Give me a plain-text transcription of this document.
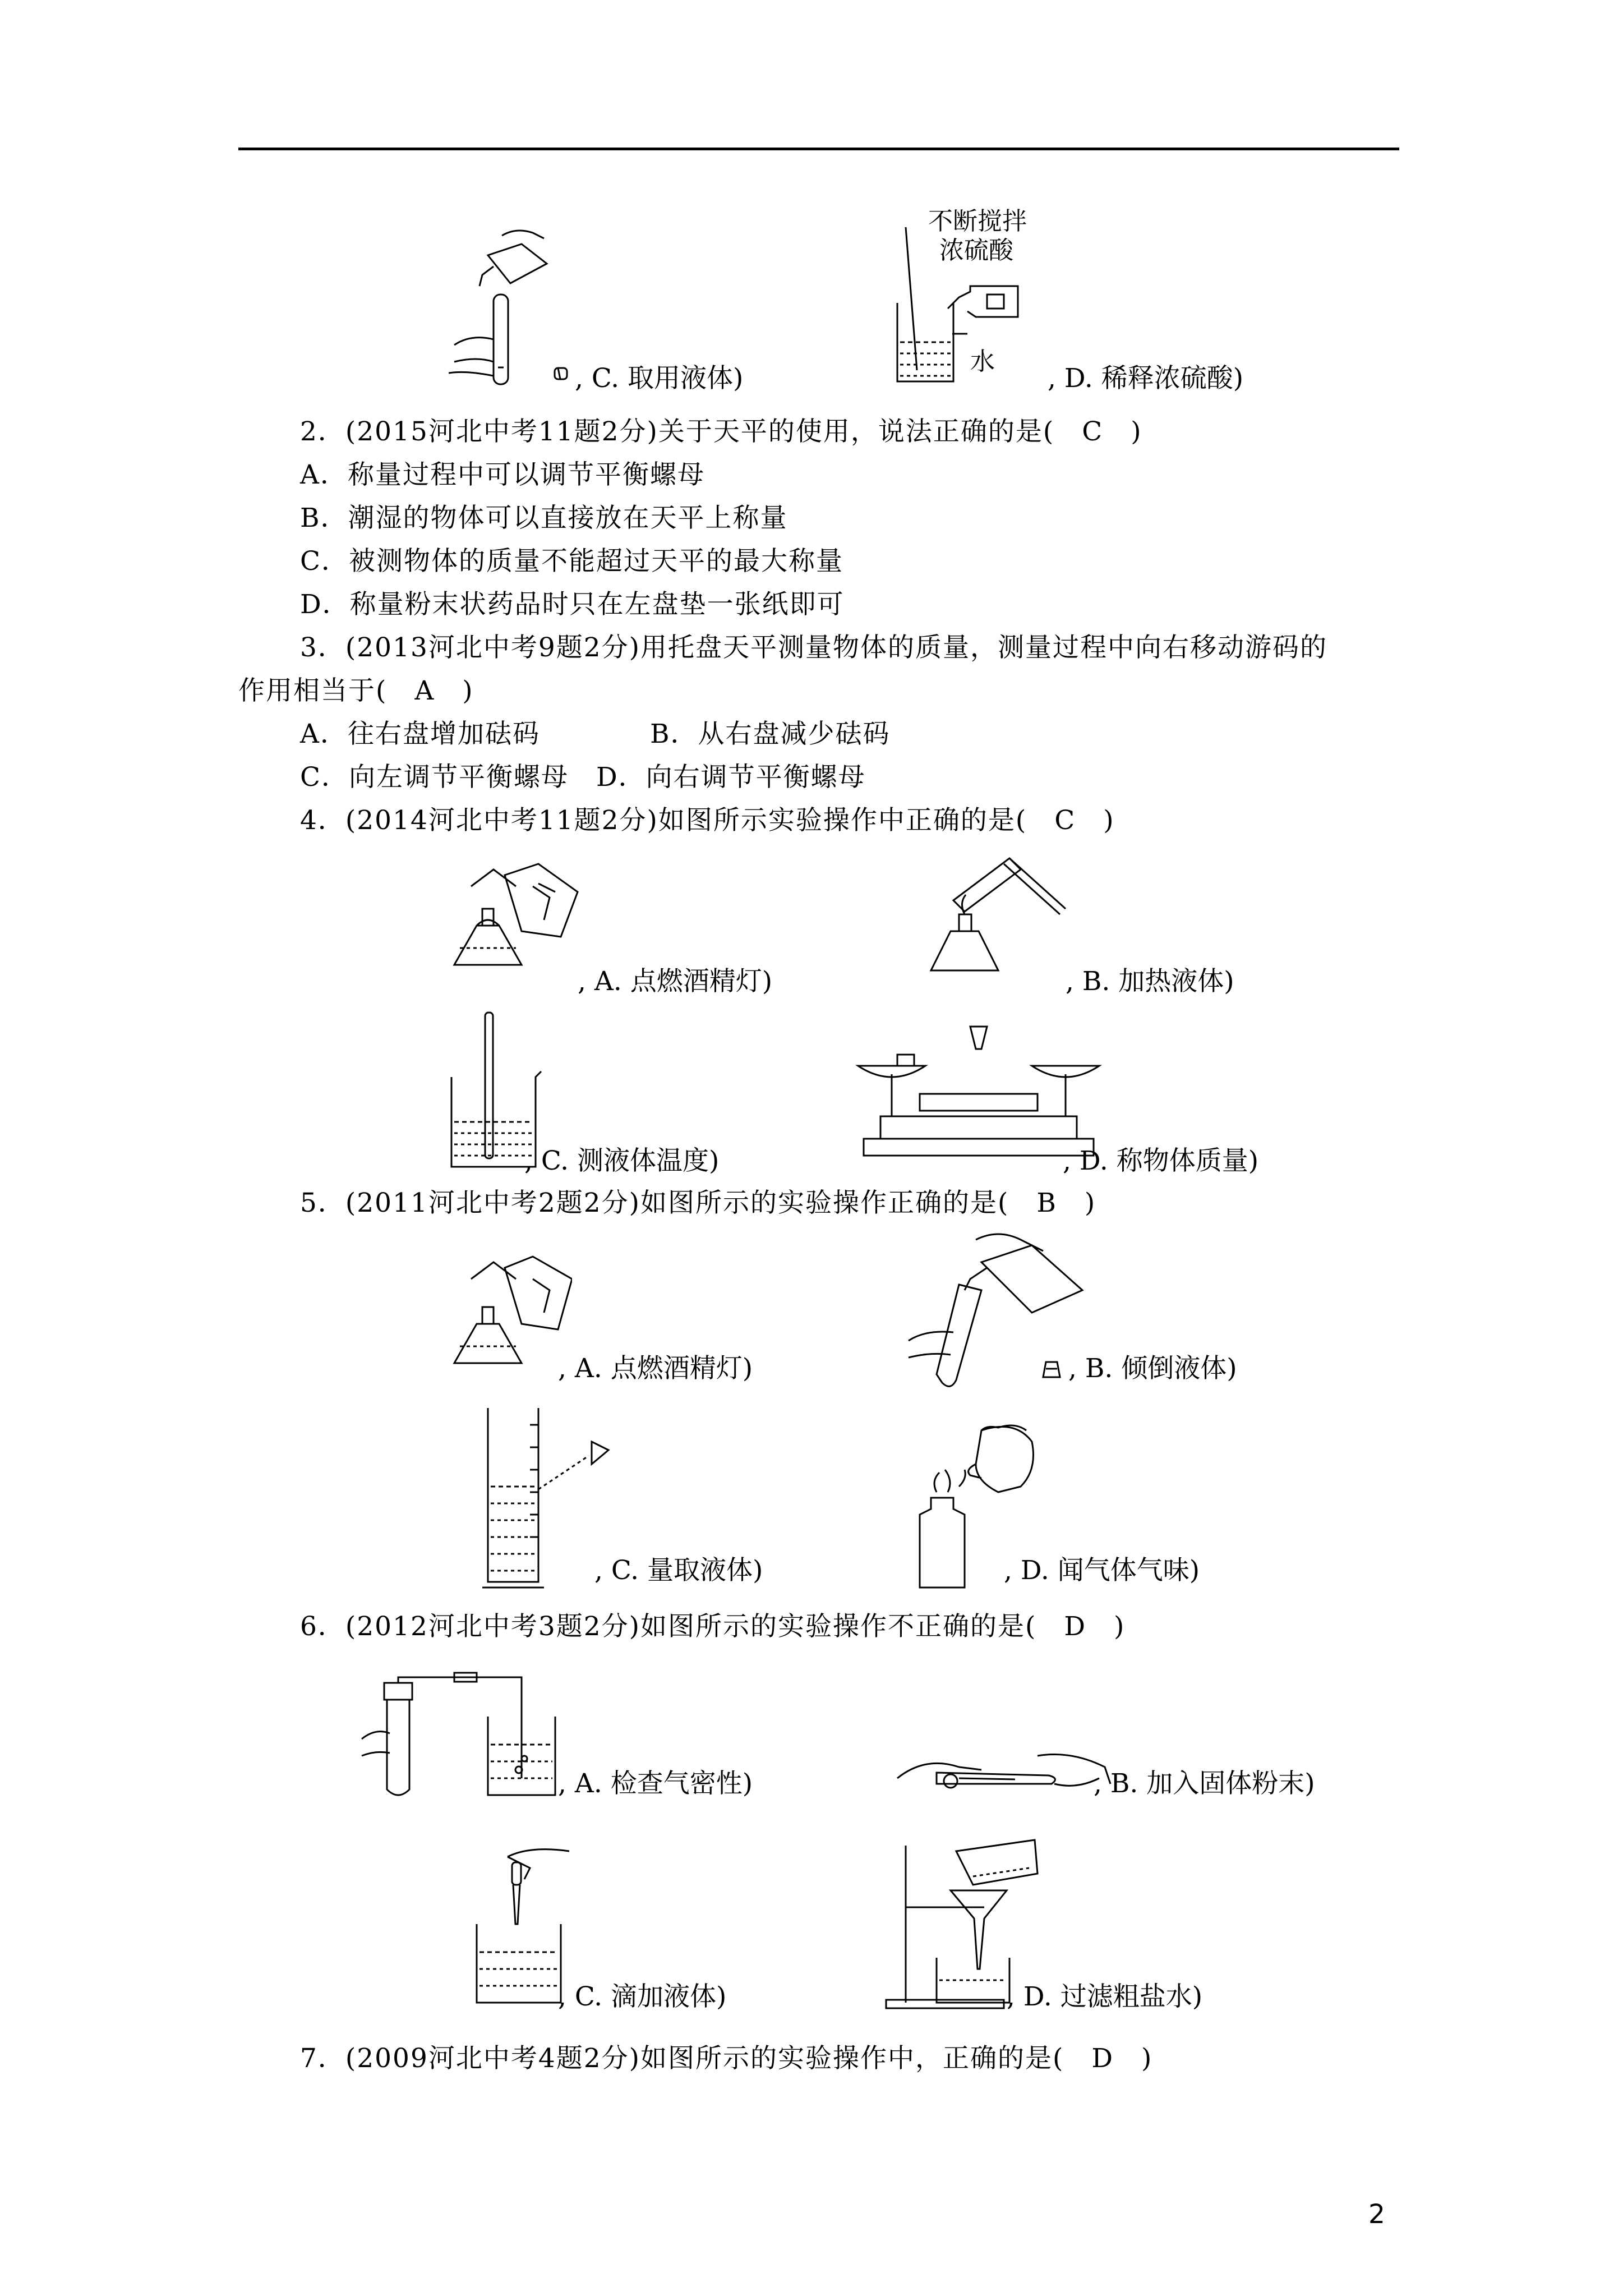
, C. 取用液体)
不断搅拌
浓硫酸
水
, D. 稀释浓硫酸)
2．(2015河北中考11题2分)关于天平的使用，说法正确的是(　C　)
A．称量过程中可以调节平衡螺母
B．潮湿的物体可以直接放在天平上称量
C．被测物体的质量不能超过天平的最大称量
D．称量粉末状药品时只在左盘垫一张纸即可
3．(2013河北中考9题2分)用托盘天平测量物体的质量，测量过程中向右移动游码的
作用相当于(　A　)
A．往右盘增加砝码　　　　B．从右盘减少砝码
C．向左调节平衡螺母　D．向右调节平衡螺母
4．(2014河北中考11题2分)如图所示实验操作中正确的是(　C　)
, A. 点燃酒精灯)	, B. 加热液体)
, C. 测液体温度)	, D. 称物体质量)
5．(2011河北中考2题2分)如图所示的实验操作正确的是(　B　)
, A. 点燃酒精灯)	, B. 倾倒液体)
, C. 量取液体)	, D. 闻气体气味)
6．(2012河北中考3题2分)如图所示的实验操作不正确的是(　D　)
, A. 检查气密性)	, B. 加入固体粉末)
, C. 滴加液体)	, D. 过滤粗盐水)
7．(2009河北中考4题2分)如图所示的实验操作中，正确的是(　D　)
2
